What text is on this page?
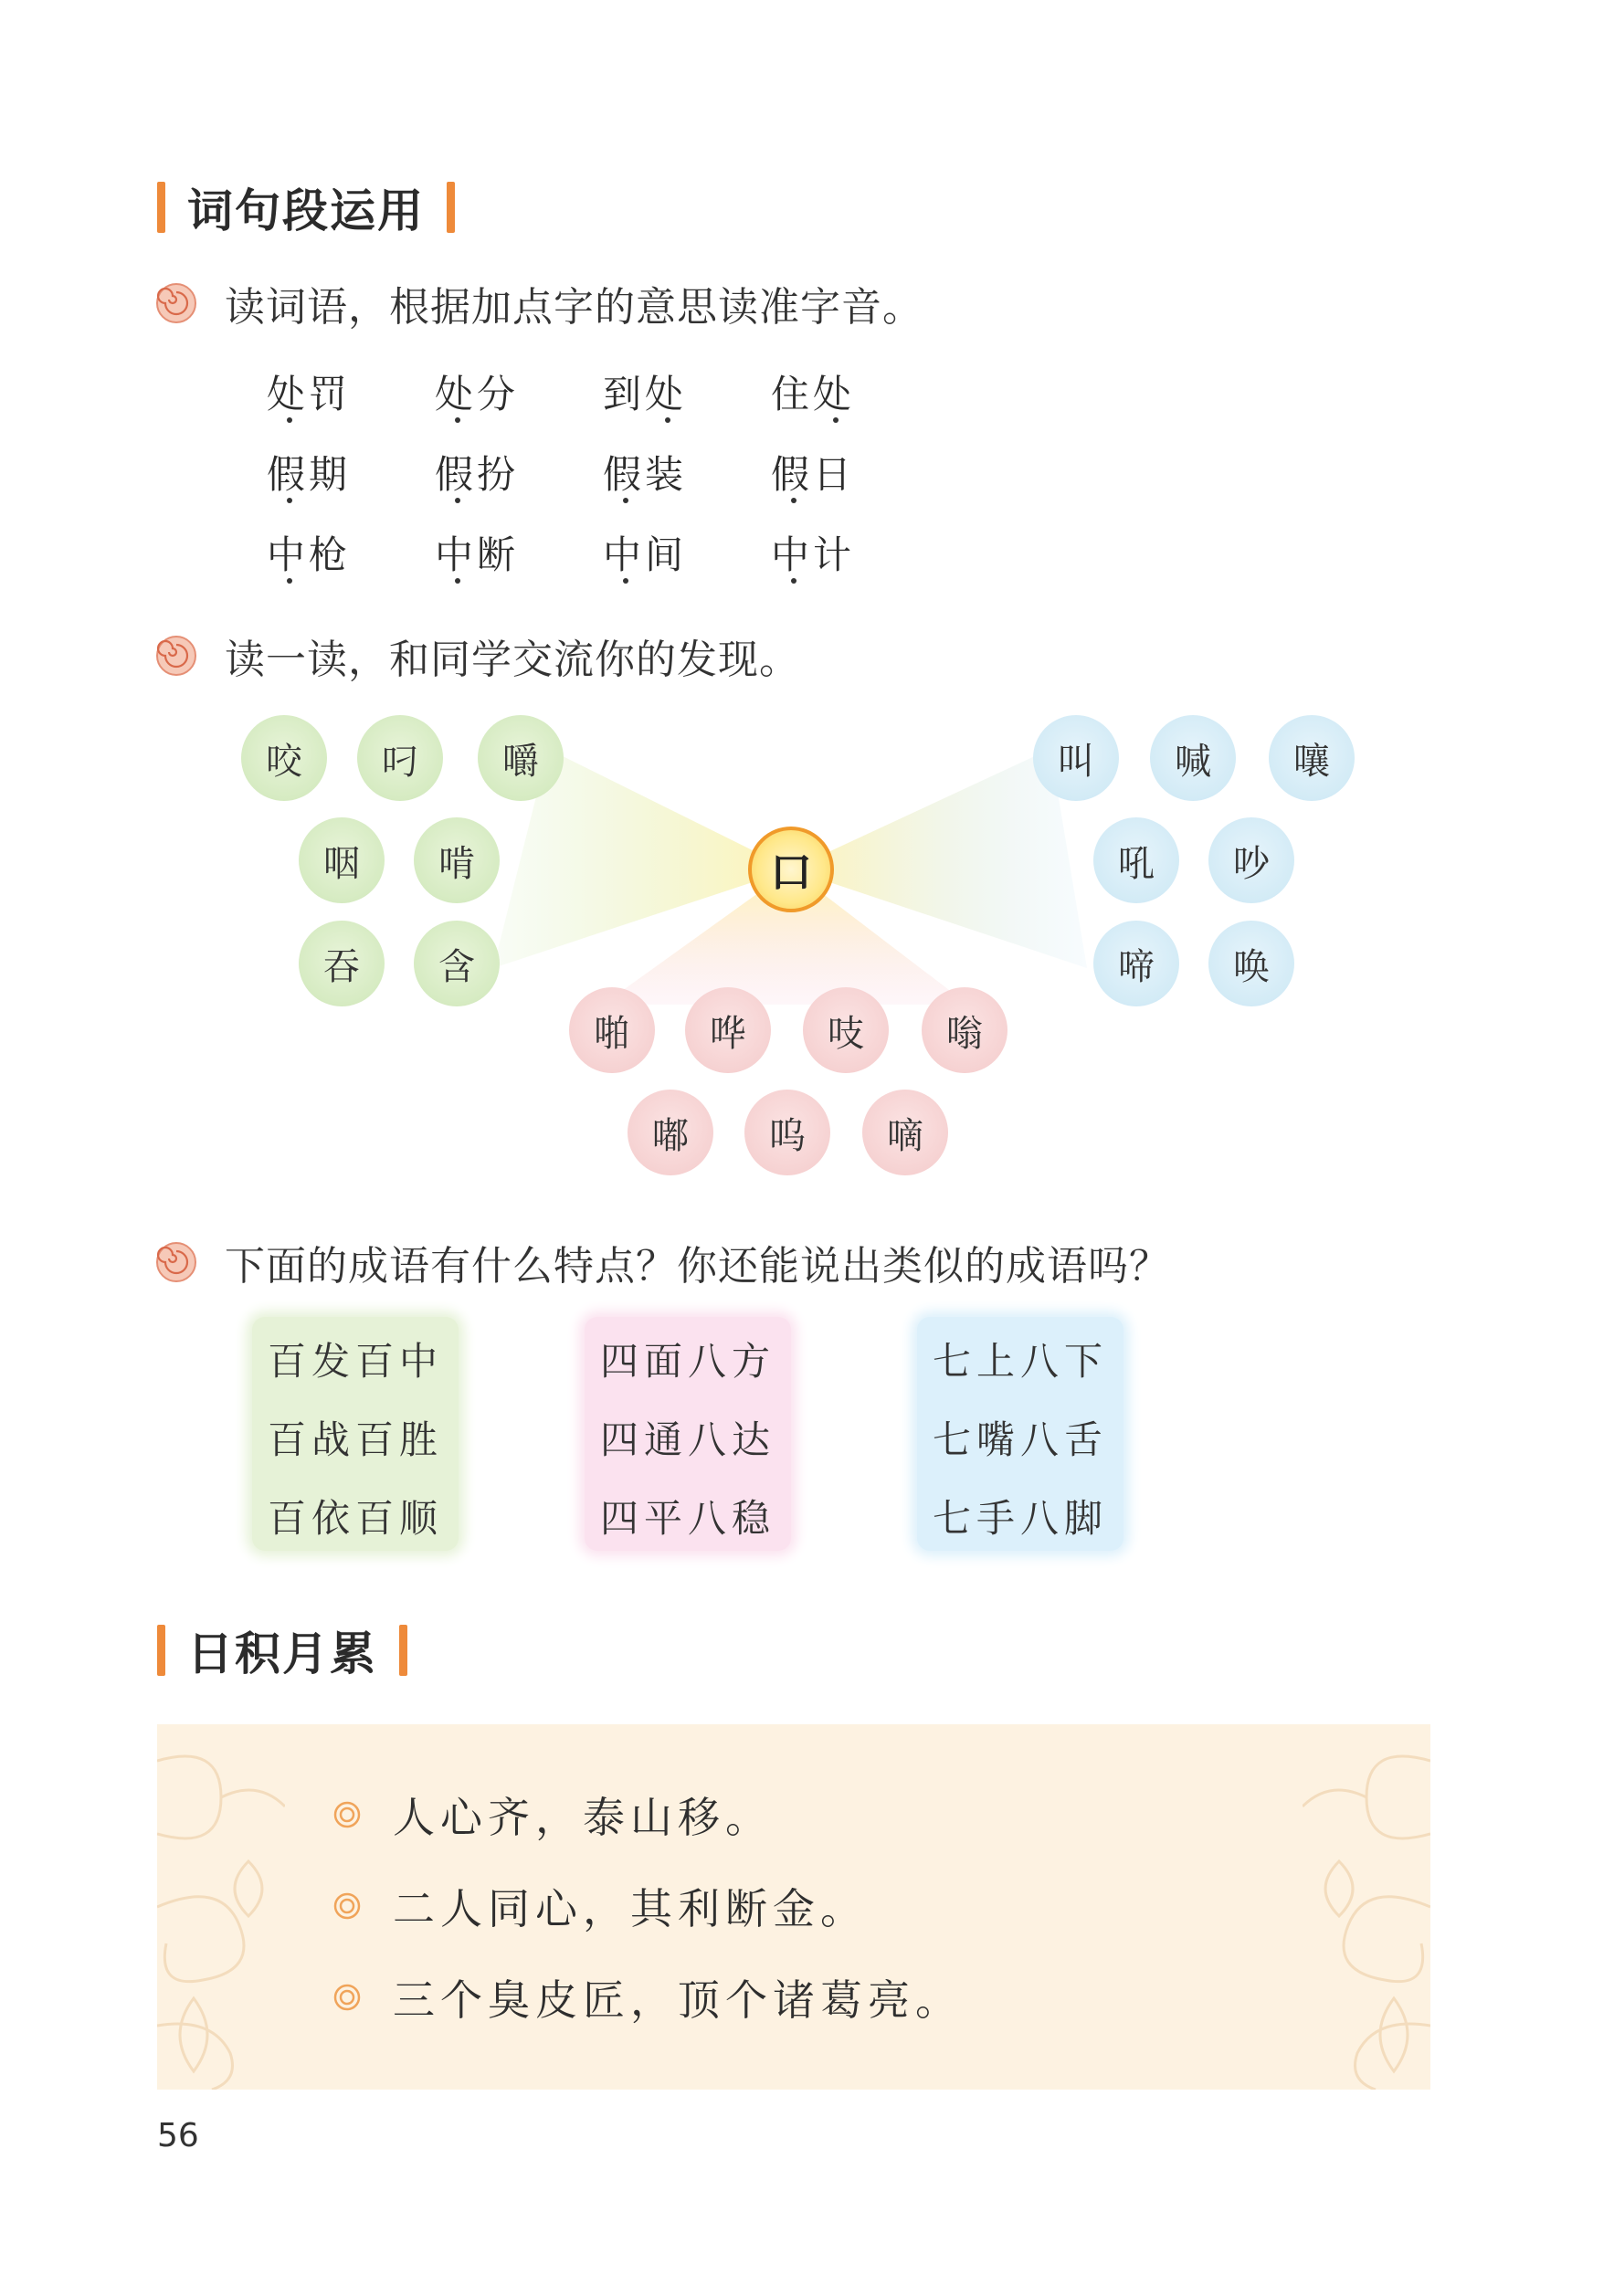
词句段运用
读词语，根据加点字的意思读准字音。
处罚	处分	到处	住处
假期	假扮	假装	假日
中枪	中断	中间	中计
读一读，和同学交流你的发现。
口
咬	叼	嚼
咽	啃
吞	含
叫	喊	嚷
吼	吵
啼	唤
啪	哗	吱	嗡
嘟	呜	嘀
下面的成语有什么特点？你还能说出类似的成语吗？
百发百中
百战百胜
百依百顺
四面八方
四通八达
四平八稳
七上八下
七嘴八舌
七手八脚
日积月累
人心齐，泰山移。
二人同心，其利断金。
三个臭皮匠，顶个诸葛亮。
56
